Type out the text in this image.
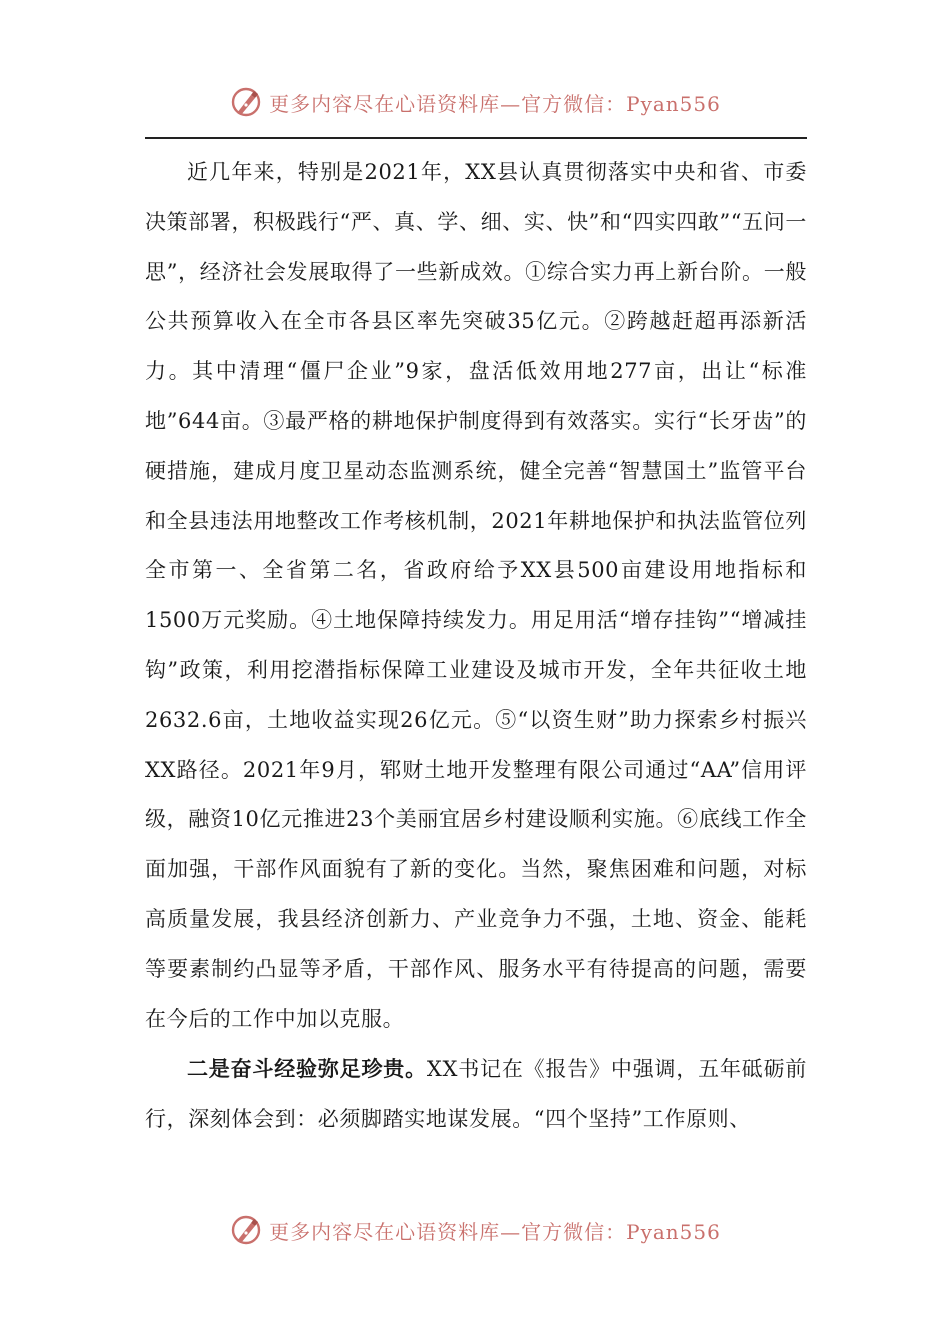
更多内容尽在心语资料库—官方微信：Pyan556

近几年来，特别是2021年，XX县认真贯彻落实中央和省、市委决策部署，积极践行“严、真、学、细、实、快”和“四实四敢”“五问一思”，经济社会发展取得了一些新成效。①综合实力再上新台阶。一般公共预算收入在全市各县区率先突破35亿元。②跨越赶超再添新活力。其中清理“僵尸企业”9家，盘活低效用地277亩，出让“标准地”644亩。③最严格的耕地保护制度得到有效落实。实行“长牙齿”的硬措施，建成月度卫星动态监测系统，健全完善“智慧国土”监管平台和全县违法用地整改工作考核机制，2021年耕地保护和执法监管位列全市第一、全省第二名，省政府给予XX县500亩建设用地指标和1500万元奖励。④土地保障持续发力。用足用活“增存挂钩”“增减挂钩”政策，利用挖潜指标保障工业建设及城市开发，全年共征收土地2632.6亩，土地收益实现26亿元。⑤“以资生财”助力探索乡村振兴XX路径。2021年9月，郓财土地开发整理有限公司通过“AA”信用评级，融资10亿元推进23个美丽宜居乡村建设顺利实施。⑥底线工作全面加强，干部作风面貌有了新的变化。当然，聚焦困难和问题，对标高质量发展，我县经济创新力、产业竞争力不强，土地、资金、能耗等要素制约凸显等矛盾，干部作风、服务水平有待提高的问题，需要在今后的工作中加以克服。

二是奋斗经验弥足珍贵。XX书记在《报告》中强调，五年砥砺前行，深刻体会到：必须脚踏实地谋发展。“四个坚持”工作原则、

更多内容尽在心语资料库—官方微信：Pyan556
